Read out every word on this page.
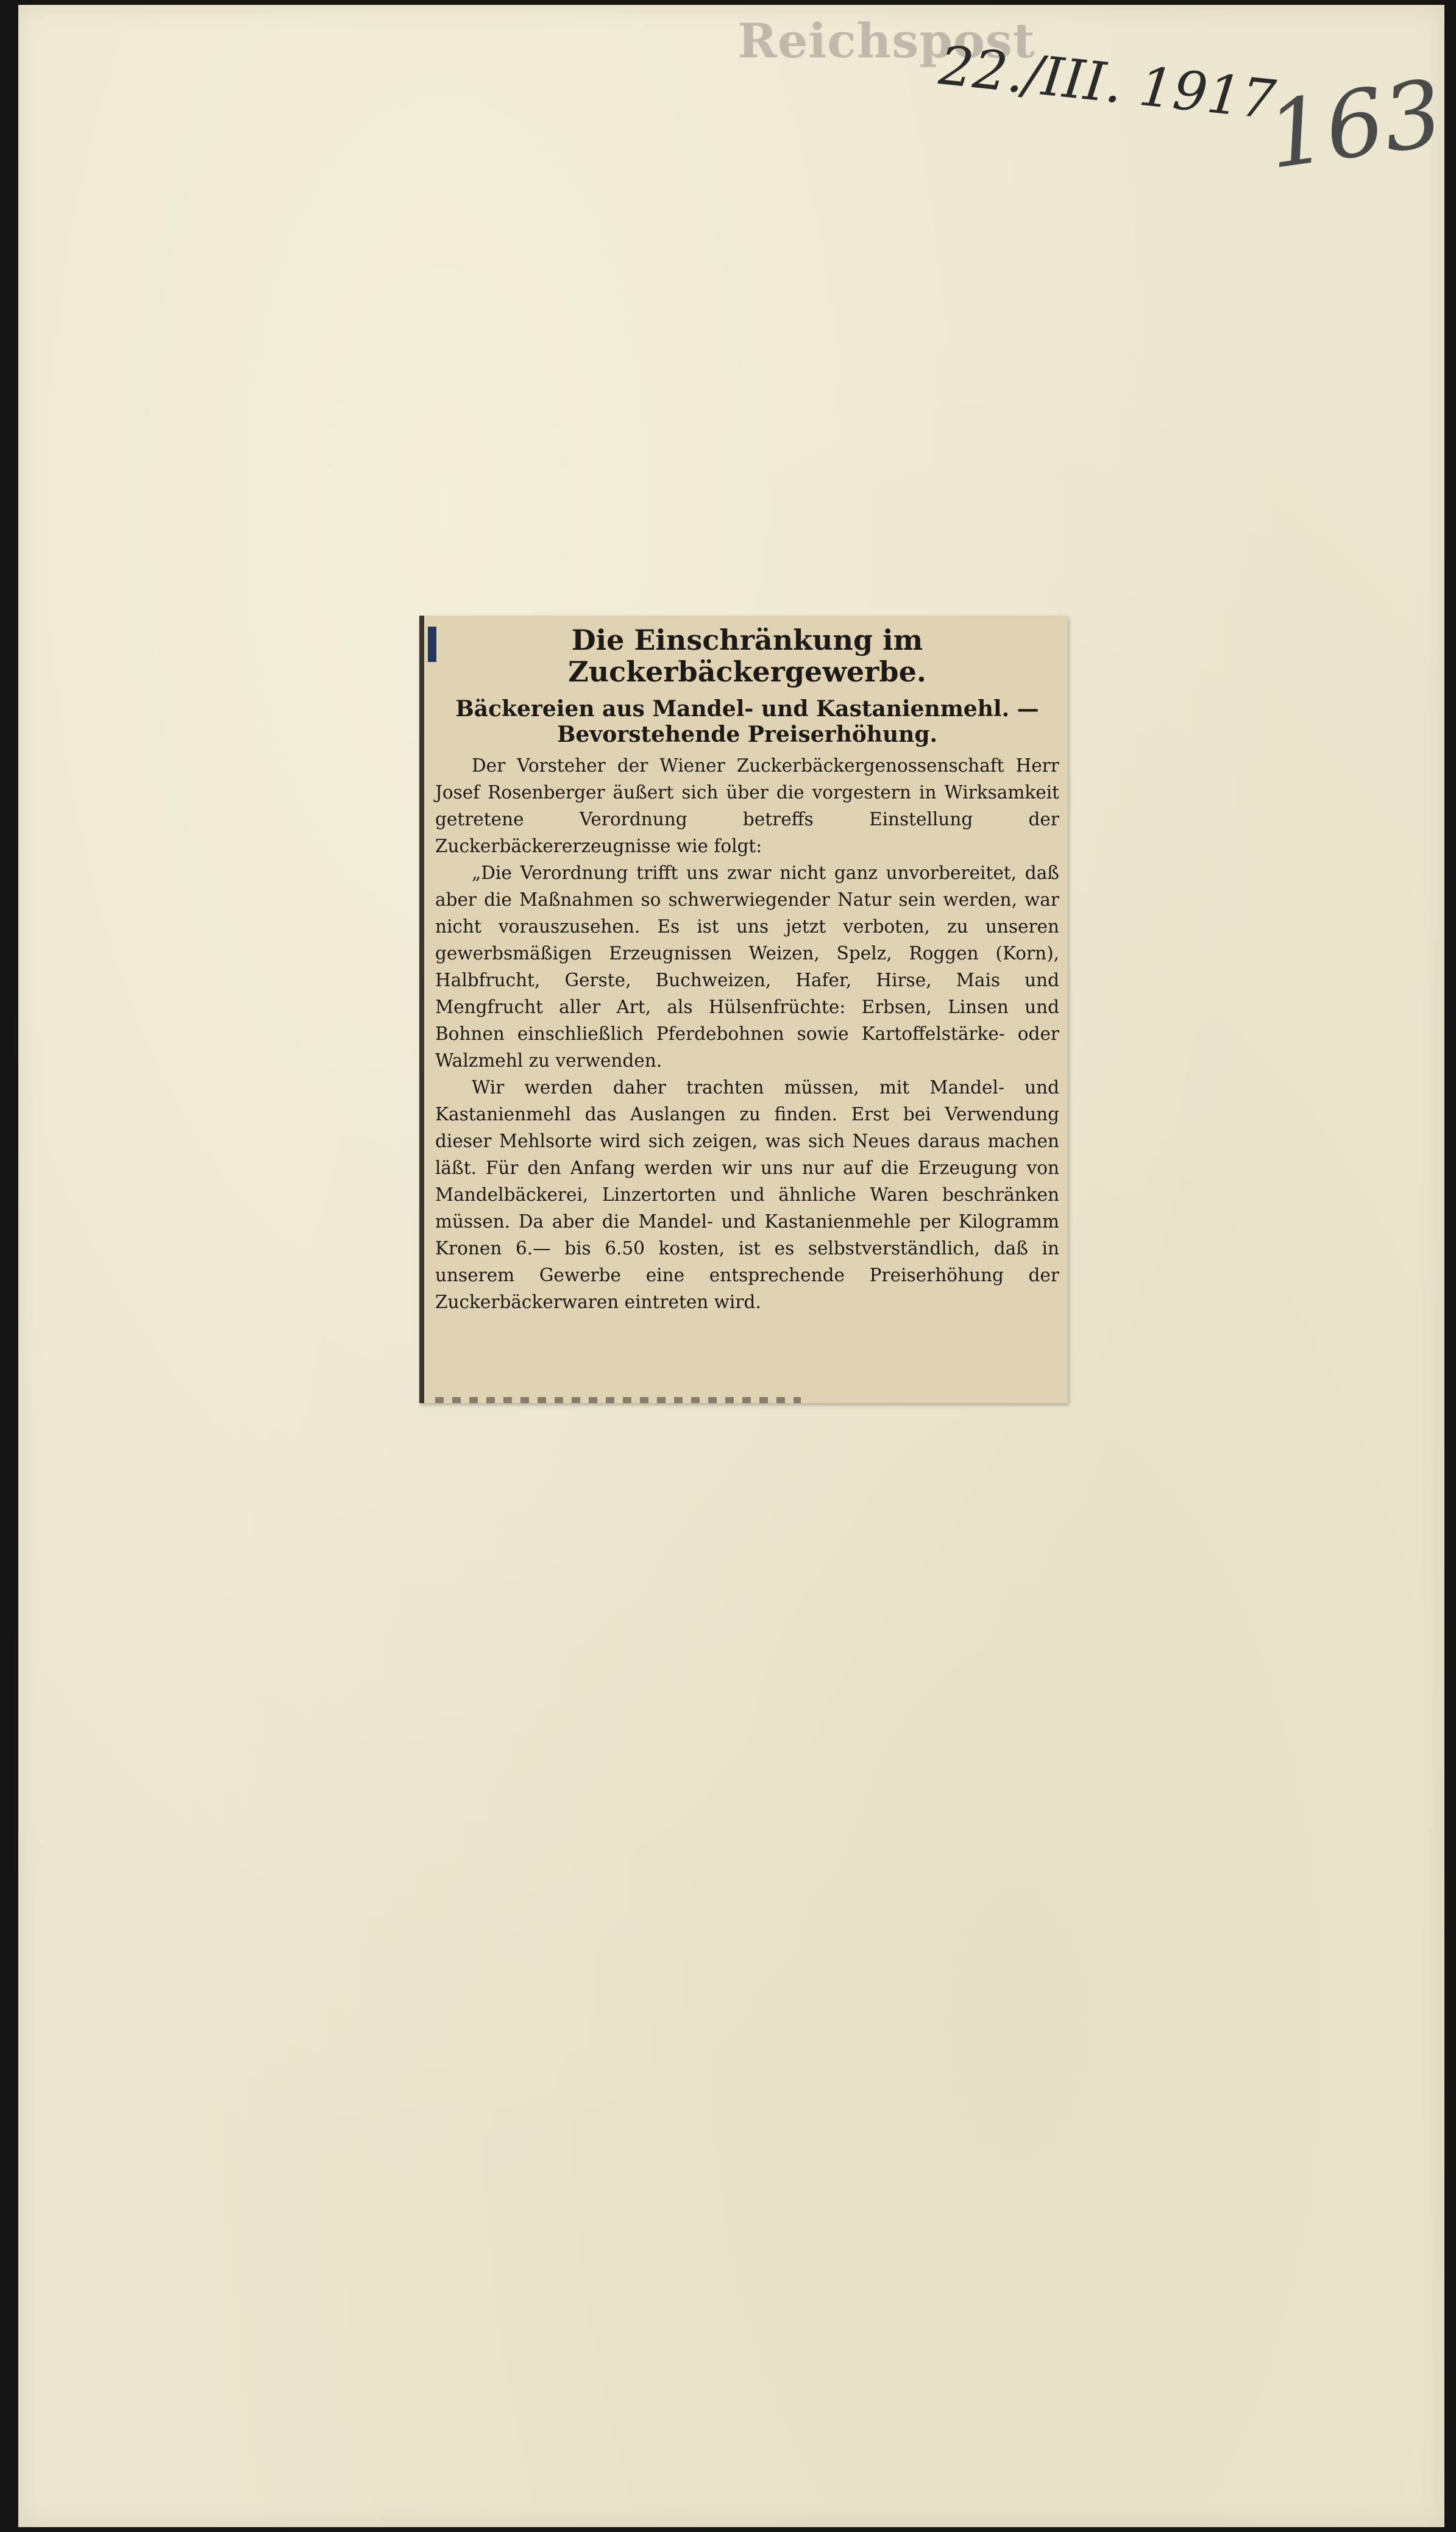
Reichspost
22./III. 1917
163
Die Einschränkung im Zuckerbäckergewerbe.
Bäckereien aus Mandel- und Kastanienmehl. — Bevorstehende Preiserhöhung.

Der Vorsteher der Wiener Zuckerbäckergenossenschaft Herr Josef Rosenberger äußert sich über die vorgestern in Wirksamkeit getretene Verordnung betreffs Einstellung der Zuckerbäckererzeugnisse wie folgt:

„Die Verordnung trifft uns zwar nicht ganz unvorbereitet, daß aber die Maßnahmen so schwerwiegender Natur sein werden, war nicht vorauszusehen. Es ist uns jetzt verboten, zu unseren gewerbsmäßigen Erzeugnissen Weizen, Spelz, Roggen (Korn), Halbfrucht, Gerste, Buchweizen, Hafer, Hirse, Mais und Mengfrucht aller Art, als Hülsenfrüchte: Erbsen, Linsen und Bohnen einschließlich Pferdebohnen sowie Kartoffelstärke- oder Walzmehl zu verwenden.

Wir werden daher trachten müssen, mit Mandel- und Kastanienmehl das Auslangen zu finden. Erst bei Verwendung dieser Mehlsorte wird sich zeigen, was sich Neues daraus machen läßt. Für den Anfang werden wir uns nur auf die Erzeugung von Mandelbäckerei, Linzertorten und ähnliche Waren beschränken müssen. Da aber die Mandel- und Kastanienmehle per Kilogramm Kronen 6.— bis 6.50 kosten, ist es selbstverständlich, daß in unserem Gewerbe eine entsprechende Preiserhöhung der Zuckerbäckerwaren eintreten wird.
